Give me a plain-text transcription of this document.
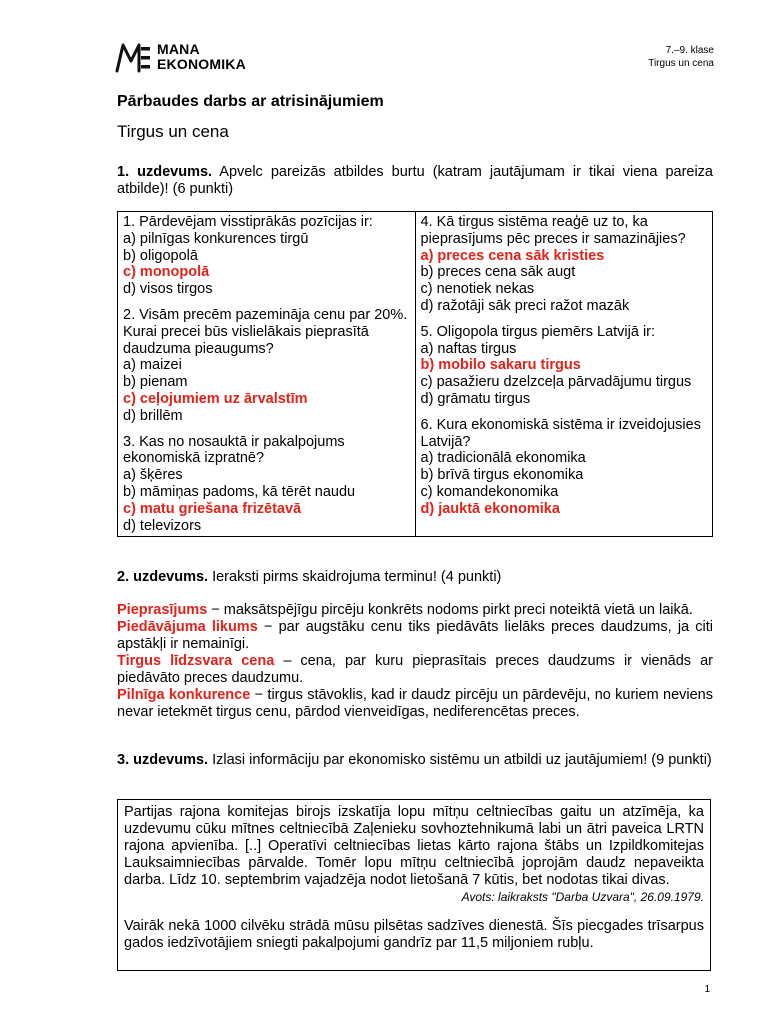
MANA
EKONOMIKA
7.–9. klase
Tirgus un cena
Pārbaudes darbs ar atrisinājumiem
Tirgus un cena

1. uzdevums. Apvelc pareizās atbildes burtu (katram jautājumam ir tikai viena pareiza atbilde)! (6 punkti)

1. Pārdevējam visstiprākās pozīcijas ir:
a) pilnīgas konkurences tirgū
b) oligopolā
c) monopolā
d) visos tirgos
2. Visām precēm pazemināja cenu par 20%. Kurai precei būs vislielākais pieprasītā daudzuma pieaugums?
a) maizei
b) pienam
c) ceļojumiem uz ārvalstīm
d) brillēm
3. Kas no nosauktā ir pakalpojums ekonomiskā izpratnē?
a) šķēres
b) māmiņas padoms, kā tērēt naudu
c) matu griešana frizētavā
d) televizors

4. Kā tirgus sistēma reaģē uz to, ka pieprasījums pēc preces ir samazinājies?
a) preces cena sāk kristies
b) preces cena sāk augt
c) nenotiek nekas
d) ražotāji sāk preci ražot mazāk
5. Oligopola tirgus piemērs Latvijā ir:
a) naftas tirgus
b) mobilo sakaru tirgus
c) pasažieru dzelzceļa pārvadājumu tirgus
d) grāmatu tirgus
6. Kura ekonomiskā sistēma ir izveidojusies Latvijā?
a) tradicionālā ekonomika
b) brīvā tirgus ekonomika
c) komandekonomika
d) jauktā ekonomika

2. uzdevums. Ieraksti pirms skaidrojuma terminu! (4 punkti)

Pieprasījums − maksātspējīgu pircēju konkrēts nodoms pirkt preci noteiktā vietā un laikā.

Piedāvājuma likums − par augstāku cenu tiks piedāvāts lielāks preces daudzums, ja citi apstākļi ir nemainīgi.

Tirgus līdzsvara cena – cena, par kuru pieprasītais preces daudzums ir vienāds ar piedāvāto preces daudzumu.

Pilnīga konkurence − tirgus stāvoklis, kad ir daudz pircēju un pārdevēju, no kuriem neviens nevar ietekmēt tirgus cenu, pārdod vienveidīgas, nediferencētas preces.

3. uzdevums. Izlasi informāciju par ekonomisko sistēmu un atbildi uz jautājumiem! (9 punkti)

Partijas rajona komitejas birojs izskatīja lopu mītņu celtniecības gaitu un atzīmēja, ka uzdevumu cūku mītnes celtniecībā Zaļenieku sovhoztehnikumā labi un ātri paveica LRTN rajona apvienība. [..] Operatīvi celtniecības lietas kārto rajona štābs un Izpildkomitejas Lauksaimniecības pārvalde. Tomēr lopu mītņu celtniecībā joprojām daudz nepaveikta darba. Līdz 10. septembrim vajadzēja nodot lietošanā 7 kūtis, bet nodotas tikai divas.

Avots: laikraksts "Darba Uzvara", 26.09.1979.

Vairāk nekā 1000 cilvēku strādā mūsu pilsētas sadzīves dienestā. Šīs piecgades trīsarpus gados iedzīvotājiem sniegti pakalpojumi gandrīz par 11,5 miljoniem rubļu.

1
